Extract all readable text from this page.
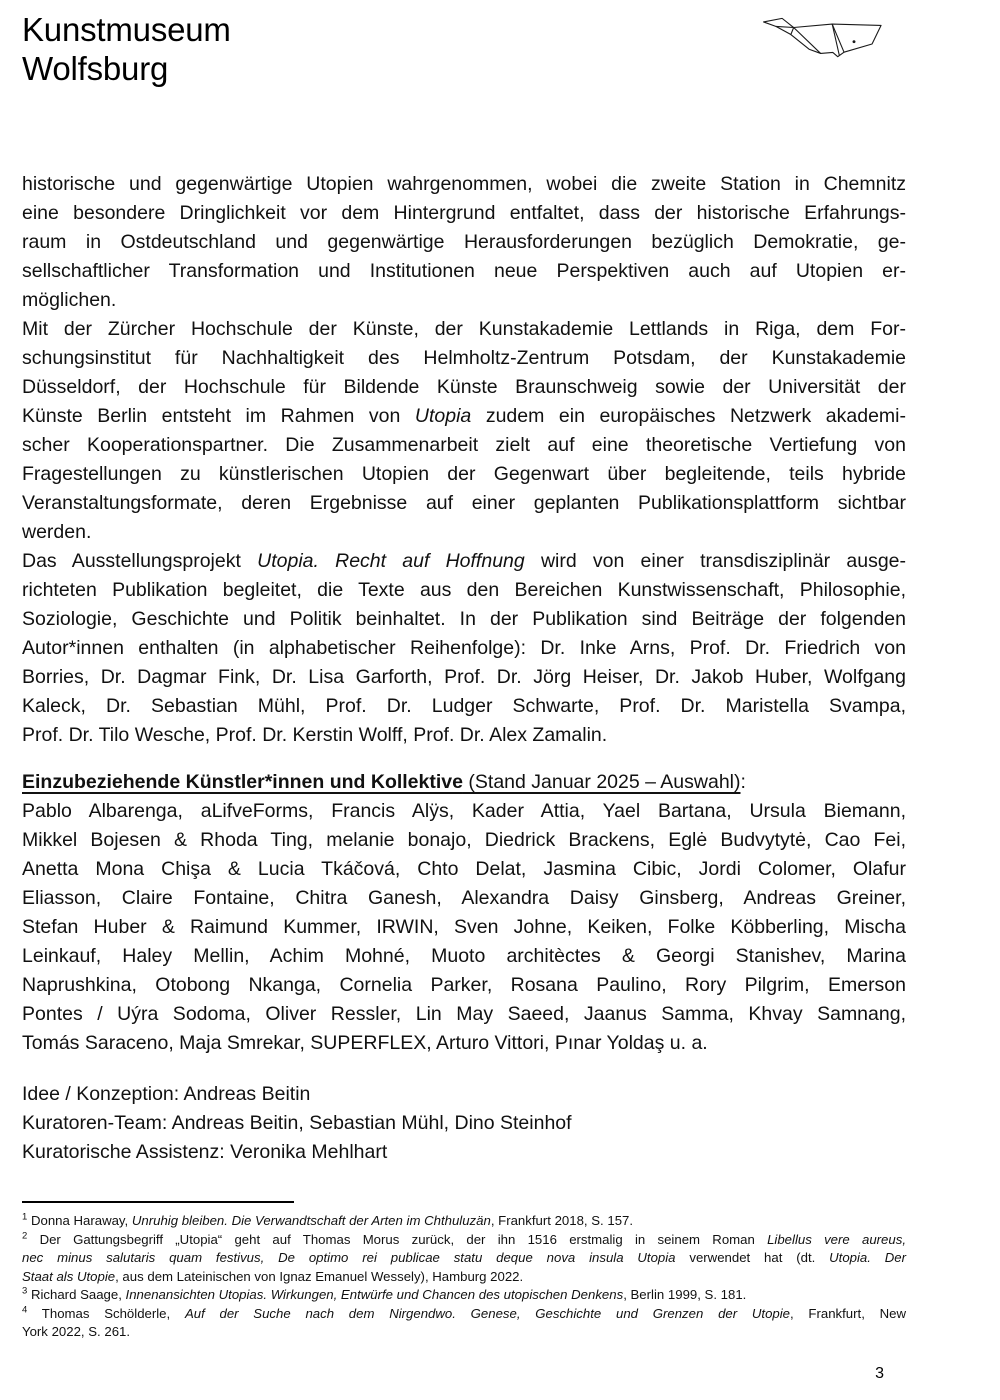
Kunstmuseum
Wolfsburg
historische und gegenwärtige Utopien wahrgenommen, wobei die zweite Station in Chemnitz
eine besondere Dringlichkeit vor dem Hintergrund entfaltet, dass der historische Erfahrungs-
raum in Ostdeutschland und gegenwärtige Herausforderungen bezüglich Demokratie, ge-
sellschaftlicher Transformation und Institutionen neue Perspektiven auch auf Utopien er-
möglichen.
Mit der Zürcher Hochschule der Künste, der Kunstakademie Lettlands in Riga, dem For-
schungsinstitut für Nachhaltigkeit des Helmholtz-Zentrum Potsdam, der Kunstakademie
Düsseldorf, der Hochschule für Bildende Künste Braunschweig sowie der Universität der
Künste Berlin entsteht im Rahmen von Utopia zudem ein europäisches Netzwerk akademi-
scher Kooperationspartner. Die Zusammenarbeit zielt auf eine theoretische Vertiefung von
Fragestellungen zu künstlerischen Utopien der Gegenwart über begleitende, teils hybride
Veranstaltungsformate, deren Ergebnisse auf einer geplanten Publikationsplattform sichtbar
werden.
Das Ausstellungsprojekt Utopia. Recht auf Hoffnung wird von einer transdisziplinär ausge-
richteten Publikation begleitet, die Texte aus den Bereichen Kunstwissenschaft, Philosophie,
Soziologie, Geschichte und Politik beinhaltet. In der Publikation sind Beiträge der folgenden
Autor*innen enthalten (in alphabetischer Reihenfolge): Dr. Inke Arns, Prof. Dr. Friedrich von
Borries, Dr. Dagmar Fink, Dr. Lisa Garforth, Prof. Dr. Jörg Heiser, Dr. Jakob Huber, Wolfgang
Kaleck, Dr. Sebastian Mühl, Prof. Dr. Ludger Schwarte, Prof. Dr. Maristella Svampa,
Prof. Dr. Tilo Wesche, Prof. Dr. Kerstin Wolff, Prof. Dr. Alex Zamalin.
Einzubeziehende Künstler*innen und Kollektive (Stand Januar 2025 – Auswahl):
Pablo Albarenga, aLifveForms, Francis Alÿs, Kader Attia, Yael Bartana, Ursula Biemann,
Mikkel Bojesen & Rhoda Ting, melanie bonajo, Diedrick Brackens, Eglė Budvytytė, Cao Fei,
Anetta Mona Chişa & Lucia Tkáčová, Chto Delat, Jasmina Cibic, Jordi Colomer, Olafur
Eliasson, Claire Fontaine, Chitra Ganesh, Alexandra Daisy Ginsberg, Andreas Greiner,
Stefan Huber & Raimund Kummer, IRWIN, Sven Johne, Keiken, Folke Köbberling, Mischa
Leinkauf, Haley Mellin, Achim Mohné, Muoto architèctes & Georgi Stanishev, Marina
Naprushkina, Otobong Nkanga, Cornelia Parker, Rosana Paulino, Rory Pilgrim, Emerson
Pontes / Uýra Sodoma, Oliver Ressler, Lin May Saeed, Jaanus Samma, Khvay Samnang,
Tomás Saraceno, Maja Smrekar, SUPERFLEX, Arturo Vittori, Pınar Yoldaş u. a.
Idee / Konzeption: Andreas Beitin
Kuratoren-Team: Andreas Beitin, Sebastian Mühl, Dino Steinhof
Kuratorische Assistenz: Veronika Mehlhart
$^1$ Donna Haraway, Unruhig bleiben. Die Verwandtschaft der Arten im Chthuluzän, Frankfurt 2018, S. 157.
$^2$ Der Gattungsbegriff „Utopia“ geht auf Thomas Morus zurück, der ihn 1516 erstmalig in seinem Roman Libellus vere aureus,
nec minus salutaris quam festivus, De optimo rei publicae statu deque nova insula Utopia verwendet hat (dt. Utopia. Der
Staat als Utopie, aus dem Lateinischen von Ignaz Emanuel Wessely), Hamburg 2022.
$^3$ Richard Saage, Innenansichten Utopias. Wirkungen, Entwürfe und Chancen des utopischen Denkens, Berlin 1999, S. 181.
$^4$ Thomas Schölderle, Auf der Suche nach dem Nirgendwo. Genese, Geschichte und Grenzen der Utopie, Frankfurt, New
York 2022, S. 261.
3
